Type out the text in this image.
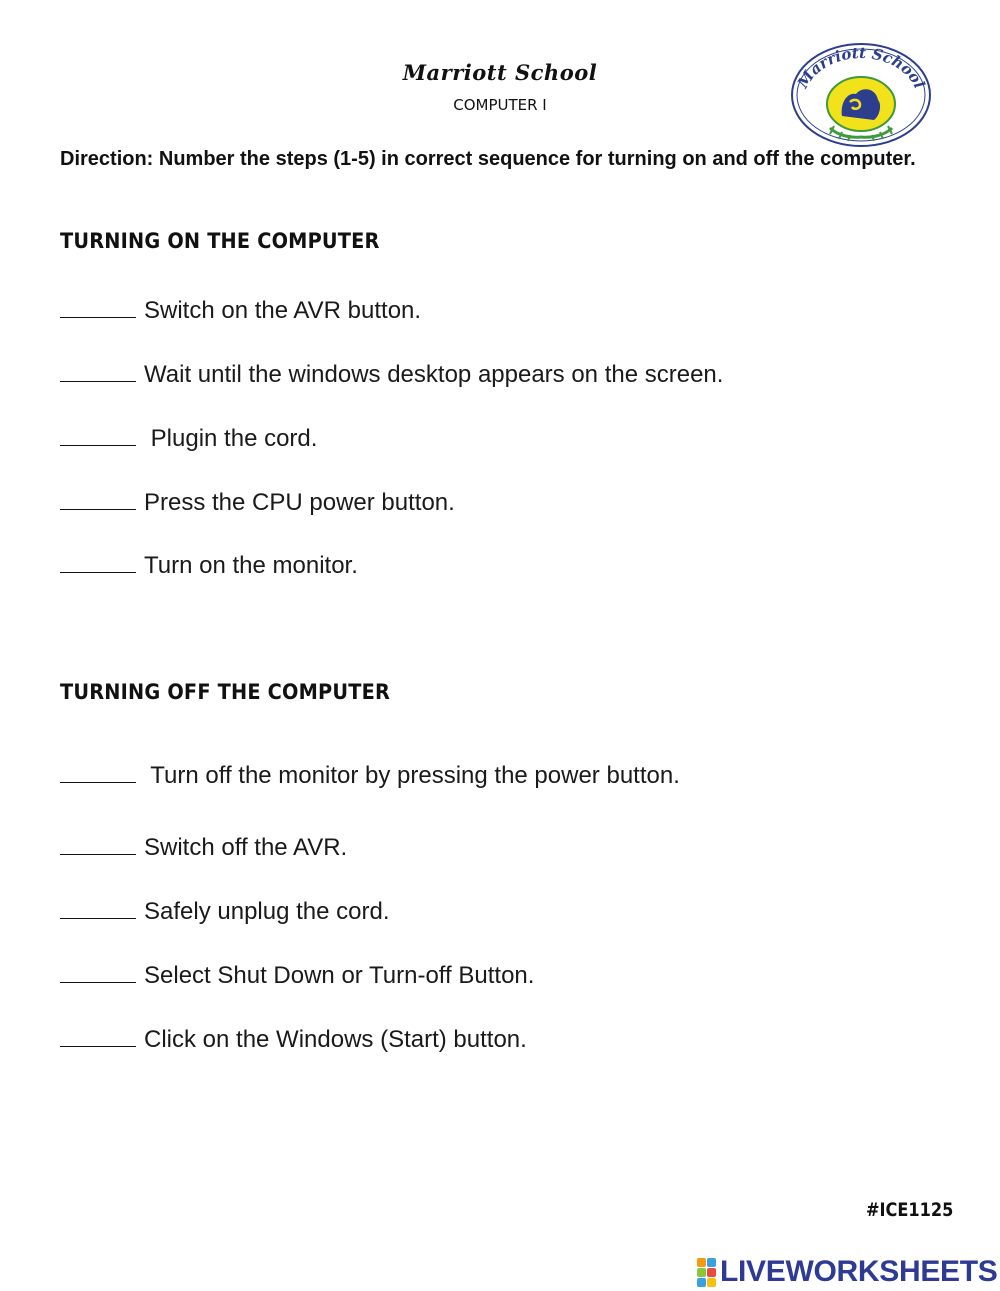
Marriott School
COMPUTER I
Marriott School
Direction: Number the steps (1-5) in correct sequence for turning on and off the computer.
TURNING ON THE COMPUTER
Switch on the AVR button.
Wait until the windows desktop appears on the screen.
Plugin the cord.
Press the CPU power button.
Turn on the monitor.
TURNING OFF THE COMPUTER
Turn off the monitor by pressing the power button.
Switch off the AVR.
Safely unplug the cord.
Select Shut Down or Turn-off Button.
Click on the Windows (Start) button.
#ICE1125
LIVEWORKSHEETS
